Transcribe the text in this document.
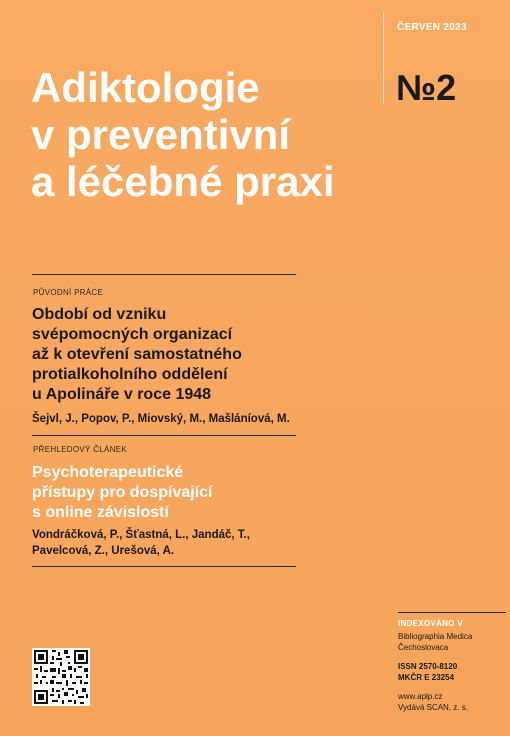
ČERVEN 2023
№2
Adiktologie
v preventivní
a léčebné praxi
PŮVODNÍ PRÁCE
Období od vzniku
svépomocných organizací
až k otevření samostatného
protialkoholního oddělení
u Apolináře v roce 1948
Šejvl, J., Popov, P., Miovský, M., Mašláníová, M.
PŘEHLEDOVÝ ČLÁNEK
Psychoterapeutické
přístupy pro dospívající
s online závislostí
Vondráčková, P., Šťastná, L., Jandáč, T.,
Pavelcová, Z., Urešová, A.
INDEXOVÁNO V
Bibliographia Medica
Čechoslovaca
ISSN 2570-8120
MKČR E 23254
www.aplp.cz
Vydává SCAN, z. s.
